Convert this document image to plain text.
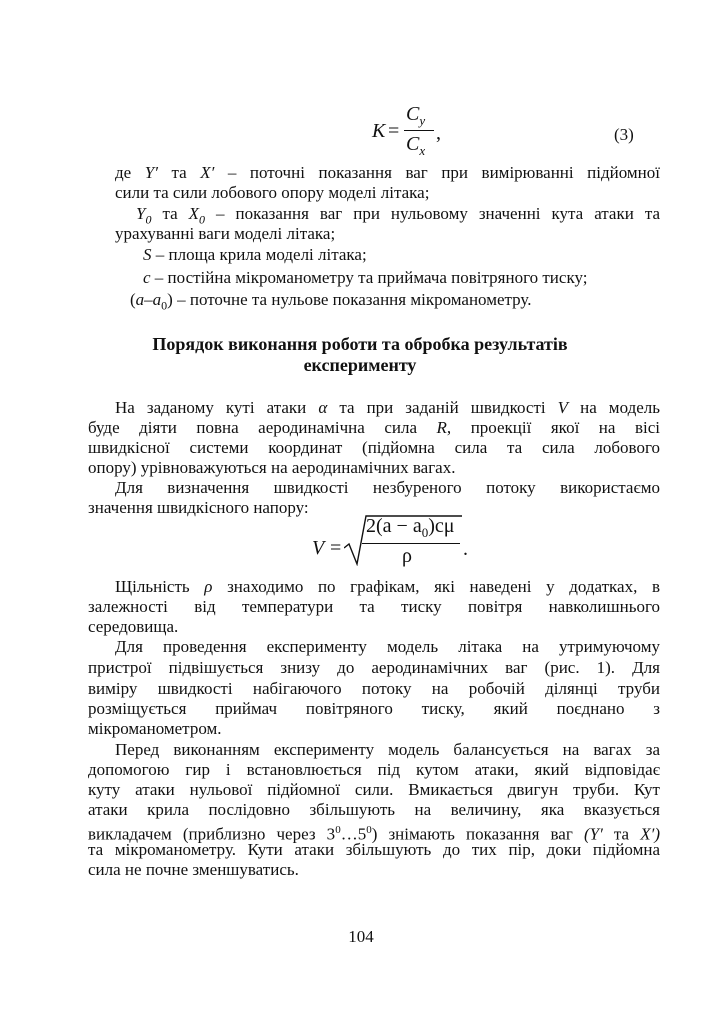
K =
$C_y$
$C_x$
,	(3)
де Y′ та X′ – поточні показання ваг при вимірюванні підйомної
сили та сили лобового опору моделі літака;
$Y_0$ та $X_0$ – показання ваг при нульовому значенні кута атаки та
урахуванні ваги моделі літака;
S – площа крила моделі літака;
c – постійна мікроманометру та приймача повітряного тиску;
$(a-a_0)$ – поточне та нульове показання мікроманометру.
Порядок виконання роботи та обробка результатів
експерименту
На заданому куті атаки α та при заданій швидкості V на модель
буде діяти повна аеродинамічна сила R, проекції якої на вісі
швидкісної системи координат (підйомна сила та сила лобового
опору) урівноважуються на аеродинамічних вагах.
Для визначення швидкості незбуреного потоку використаємо
значення швидкісного напору:
V =
$2(a - a_0)c\mu$
ρ	.
Щільність ρ знаходимо по графікам, які наведені у додатках, в
залежності від температури та тиску повітря навколишнього
середовища.
Для проведення експерименту модель літака на утримуючому
пристрої підвішується знизу до аеродинамічних ваг (рис. 1). Для
виміру швидкості набігаючого потоку на робочій ділянці труби
розміщується приймач повітряного тиску, який поєднано з
мікроманометром.
Перед виконанням експерименту модель балансується на вагах за
допомогою гир і встановлюється під кутом атаки, який відповідає
куту атаки нульової підйомної сили. Вмикається двигун труби. Кут
атаки крила послідовно збільшують на величину, яка вказується
викладачем (приблизно через $3^0\dots 5^0$) знімають показання ваг (Y′ та X′)
та мікроманометру. Кути атаки збільшують до тих пір, доки підйомна
сила не почне зменшуватись.
104
